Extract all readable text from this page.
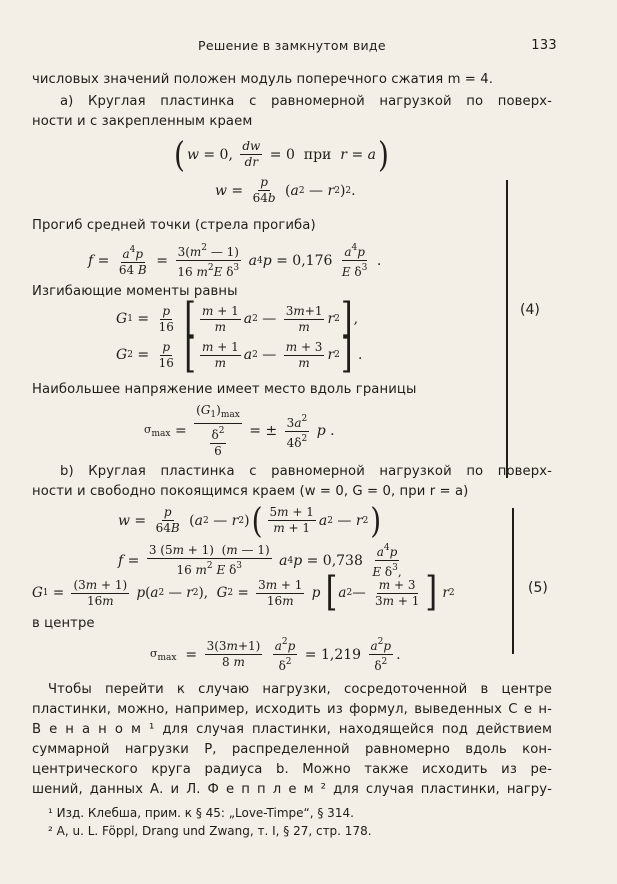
Решение в замкнутом виде	133
числовых значений положен модуль поперечного сжатия m = 4.
a) Круглая пластинка с равномерной нагрузкой по поверх-
ности и с закрепленным краем
( w = 0, $\frac{dw}{dr} = 0$  при r = a )
$w = \frac{p}{64b}$ ( a 2 — r 2 ) 2 .
Прогиб средней точки (стрела прогиба)
$f = \frac{a^4p}{64 B} = \frac{3(m^2 — 1)}{16 m^2E \delta^3}$
a 4 $p = 0,176 \frac{a^4p}{E \delta^3}$ .
Изгибающие моменты равны
G $1 = \frac{p}{16}$
[ $\frac{m + 1}{m}$ a 2 — $\frac{3m+1}{m}$ r 2 ] ,
G $2 = \frac{p}{16}$
[ $\frac{m + 1}{m}$ a 2 — $\frac{m + 3}{m}$ r 2 ] .
(4)
Наибольшее напряжение имеет место вдоль границы
$\sigma_{max} = \frac{(G_1)_{max}}{\frac{\delta^2}{6}}$ = ± $\frac{3a^2}{4\delta^2}$
p .
b) Круглая пластинка с равномерной нагрузкой по поверх-
ности и свободно покоящимся краем (w = 0, G = 0, при r = a)
$w = \frac{p}{64B}$ ( a 2 — r 2 ) ( $\frac{5m + 1}{m + 1}$ a 2 — r 2 )
$f = \frac{3 (5m + 1) (m — 1)}{16 m^2 E \delta^3}$
a 4 $p = 0,738 \frac{a^4p}{E \delta^3,}$
G $1 = \frac{(3m + 1)}{16m}$
p ( a 2 — r 2 ), G $2 = \frac{3m + 1}{16m}$
p
[ a 2 — $\frac{m + 3}{3m + 1}$ ]
r 2	(5)
в центре
$\sigma_{max} = \frac{3(3m+1)}{8 m}$
$\frac{a^2p}{\delta^2} = 1,219 \frac{a^2p}{\delta^2}$ .
Чтобы перейти к случаю нагрузки, сосредоточенной в центре
пластинки, можно, например, исходить из формул, выведенных С е н-
В е н а н о м ¹ для случая пластинки, находящейся под действием
суммарной нагрузки P, распределенной равномерно вдоль кон-
центрического круга радиуса b. Можно также исходить из ре-
шений, данных А. и Л. Ф е п п л е м ² для случая пластинки, нагру-
¹ Изд. Клебша, прим. к § 45: „Love-Timpe“, § 314.
² A, u. L. Föppl, Drang und Zwang, т. I, § 27, стр. 178.
